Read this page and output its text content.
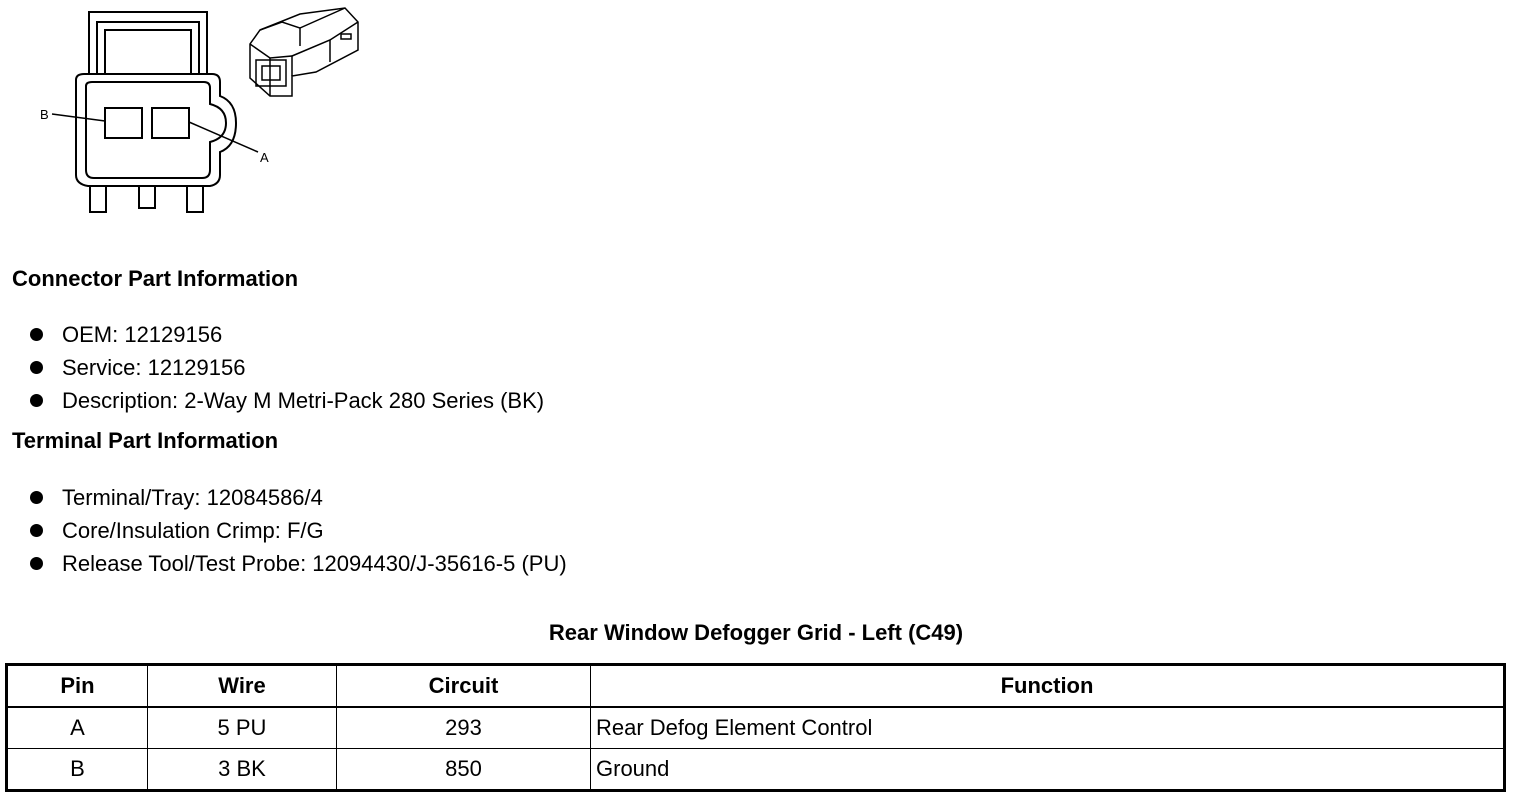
B
A
Connector Part Information
OEM: 12129156
Service: 12129156
Description: 2-Way M Metri-Pack 280 Series (BK)
Terminal Part Information
Terminal/Tray: 12084586/4
Core/Insulation Crimp: F/G
Release Tool/Test Probe: 12094430/J-35616-5 (PU)
Rear Window Defogger Grid - Left (C49)
Pin	Wire	Circuit	Function
A	5 PU	293	Rear Defog Element Control
B	3 BK	850	Ground
